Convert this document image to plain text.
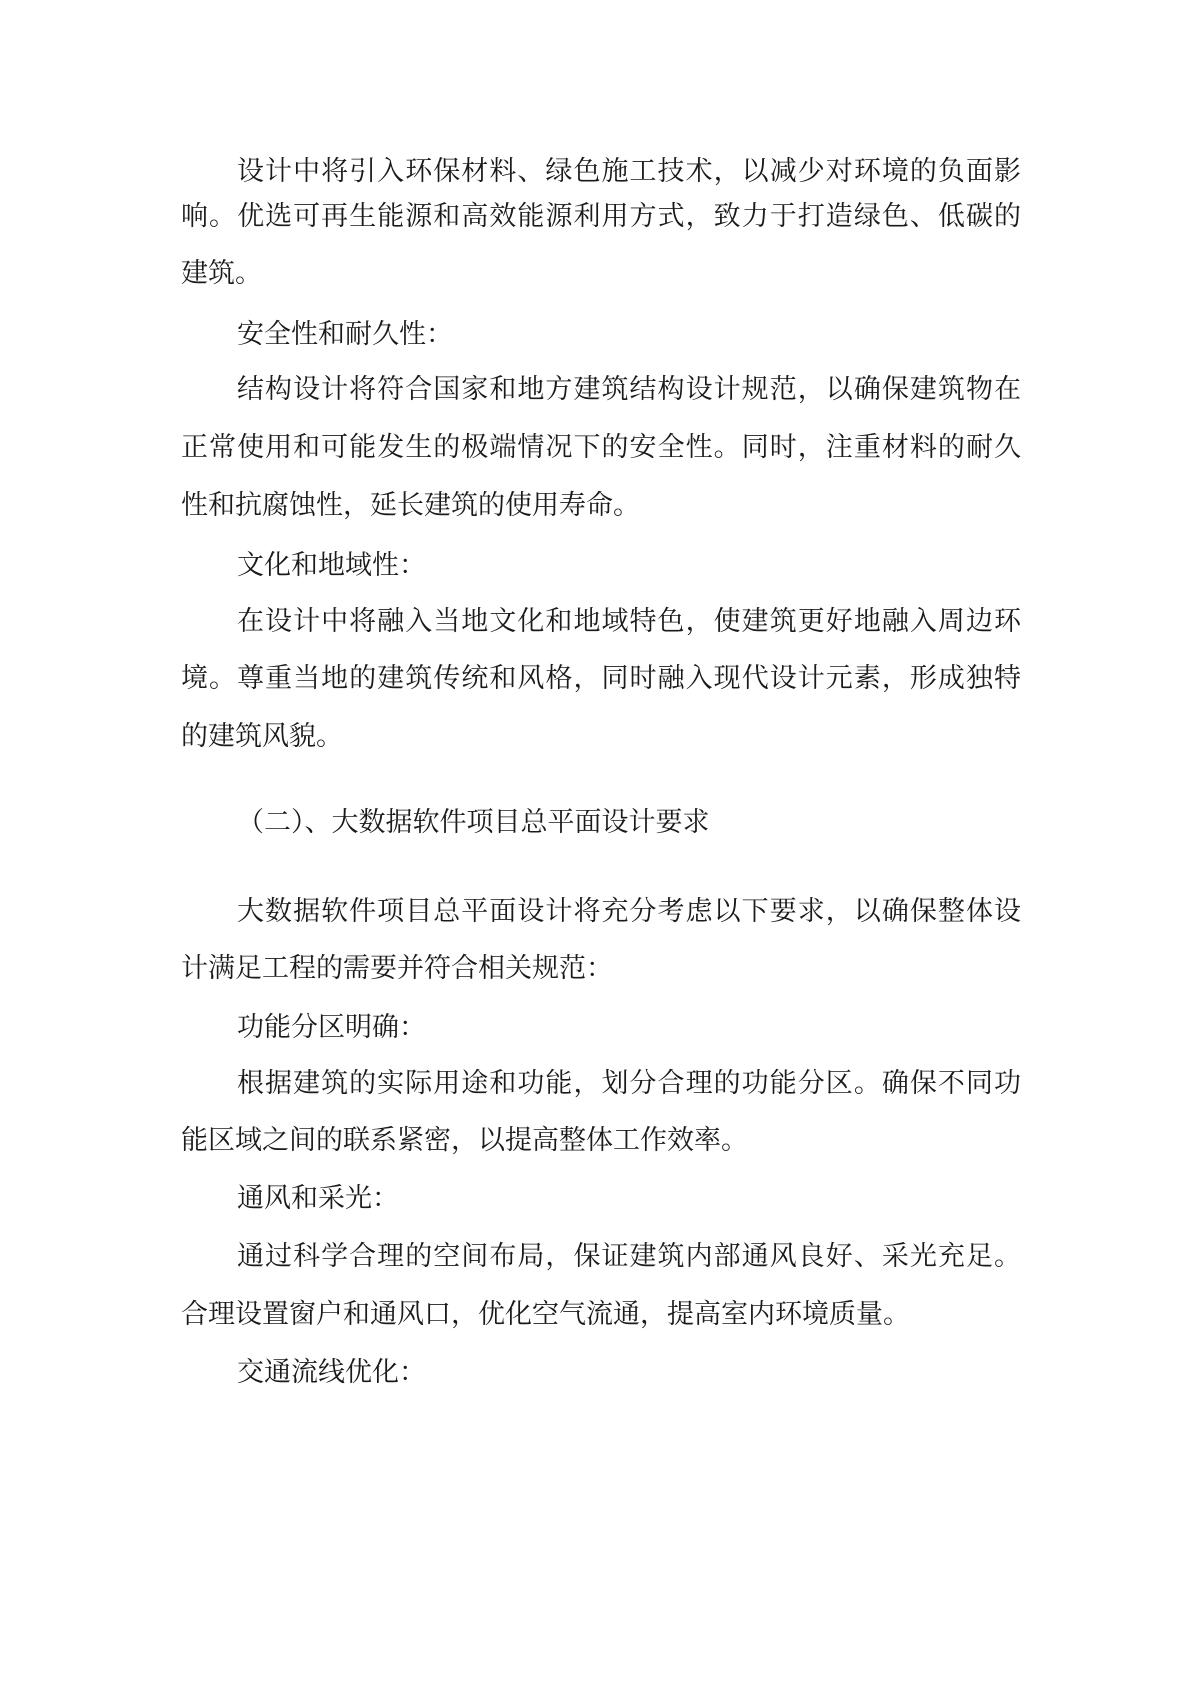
设计中将引入环保材料、绿色施工技术，以减少对环境的负面影
响。优选可再生能源和高效能源利用方式，致力于打造绿色、低碳的
建筑。
安全性和耐久性：
结构设计将符合国家和地方建筑结构设计规范，以确保建筑物在
正常使用和可能发生的极端情况下的安全性。同时，注重材料的耐久
性和抗腐蚀性，延长建筑的使用寿命。
文化和地域性：
在设计中将融入当地文化和地域特色，使建筑更好地融入周边环
境。尊重当地的建筑传统和风格，同时融入现代设计元素，形成独特
的建筑风貌。
（二）、大数据软件项目总平面设计要求
大数据软件项目总平面设计将充分考虑以下要求，以确保整体设
计满足工程的需要并符合相关规范：
功能分区明确：
根据建筑的实际用途和功能，划分合理的功能分区。确保不同功
能区域之间的联系紧密，以提高整体工作效率。
通风和采光：
通过科学合理的空间布局，保证建筑内部通风良好、采光充足。
合理设置窗户和通风口，优化空气流通，提高室内环境质量。
交通流线优化：
